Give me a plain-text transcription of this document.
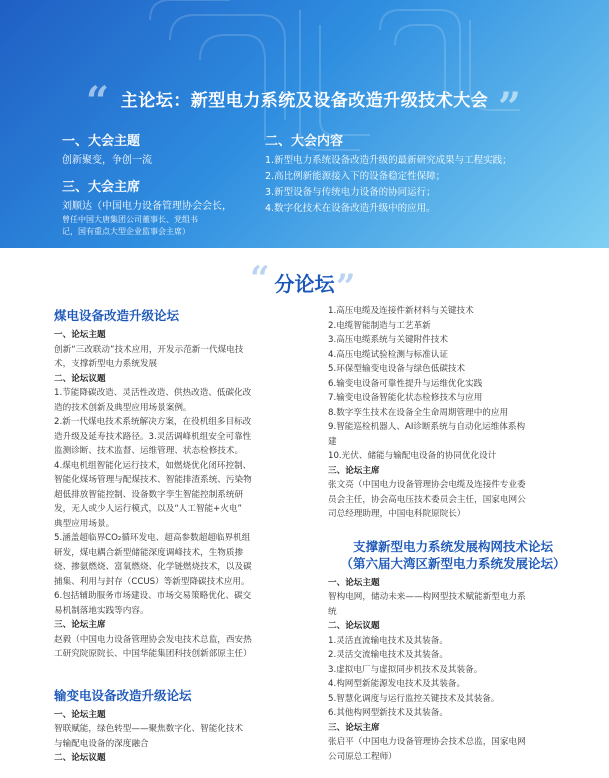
“	”
主论坛：新型电力系统及设备改造升级技术大会
一、大会主题
创新聚变，争创一流
三、大会主席
刘顺达（中国电力设备管理协会会长，
曾任中国大唐集团公司董事长、党组书
记，国有重点大型企业监事会主席）
二、大会内容
1.新型电力系统设备改造升级的最新研究成果与工程实践；
2.高比例新能源接入下的设备稳定性保障；
3.新型设备与传统电力设备的协同运行；
4.数字化技术在设备改造升级中的应用。
“ 分论坛 ”
煤电设备改造升级论坛
一、论坛主题
创新“三改联动”技术应用，开发示范新一代煤电技
术，支撑新型电力系统发展
二、论坛议题
1.节能降碳改造、灵活性改造、供热改造、低碳化改
造的技术创新及典型应用场景案例。
2.新一代煤电技术系统解决方案，在役机组多目标改
造升级及延寿技术路径。3.灵活调峰机组安全可靠性
监测诊断、技术监督、运维管理、状态检修技术。
4.煤电机组智能化运行技术，如燃烧优化闭环控制、
智能化煤场管理与配煤技术、智能排渣系统、污染物
超低排放智能控制、设备数字孪生智能控制系统研
发，无人或少人运行模式，以及“人工智能+火电”
典型应用场景。
5.涵盖超临界CO₂循环发电、超高参数超超临界机组
研发，煤电耦合新型储能深度调峰技术，生物质掺
烧、掺氨燃烧、富氧燃烧、化学链燃烧技术，以及碳
捕集、利用与封存（CCUS）等新型降碳技术应用。
6.包括辅助服务市场建设、市场交易策略优化、碳交
易机制落地实践等内容。
三、论坛主席
赵毅（中国电力设备管理协会发电技术总监，西安热
工研究院原院长、中国华能集团科技创新部原主任）
输变电设备改造升级论坛
一、论坛主题
智联赋能，绿色转型——聚焦数字化、智能化技术
与输配电设备的深度融合
二、论坛议题
1.高压电缆及连接件新材料与关键技术
2.电缆智能制造与工艺革新
3.高压电缆系统与关键附件技术
4.高压电缆试验检测与标准认证
5.环保型输变电设备与绿色低碳技术
6.输变电设备可靠性提升与运维优化实践
7.输变电设备智能化状态检修技术与应用
8.数字孪生技术在设备全生命周期管理中的应用
9.智能巡检机器人、AI诊断系统与自动化运维体系构
建
10.光伏、储能与输配电设备的协同优化设计
三、论坛主席
张文亮（中国电力设备管理协会电缆及连接件专业委
员会主任，协会高电压技术委员会主任，国家电网公
司总经理助理，中国电科院原院长）
支撑新型电力系统发展构网技术论坛
（第六届大湾区新型电力系统发展论坛）
一、论坛主题
智构电网，储动未来——构网型技术赋能新型电力系
统
二、论坛议题
1.灵活直流输电技术及其装备。
2.灵活交流输电技术及其装备。
3.虚拟电厂与虚拟同步机技术及其装备。
4.构网型新能源发电技术及其装备。
5.智慧化调度与运行监控关键技术及其装备。
6.其他构网型新技术及其装备。
三、论坛主席
张启平（中国电力设备管理协会技术总监，国家电网
公司原总工程师）
